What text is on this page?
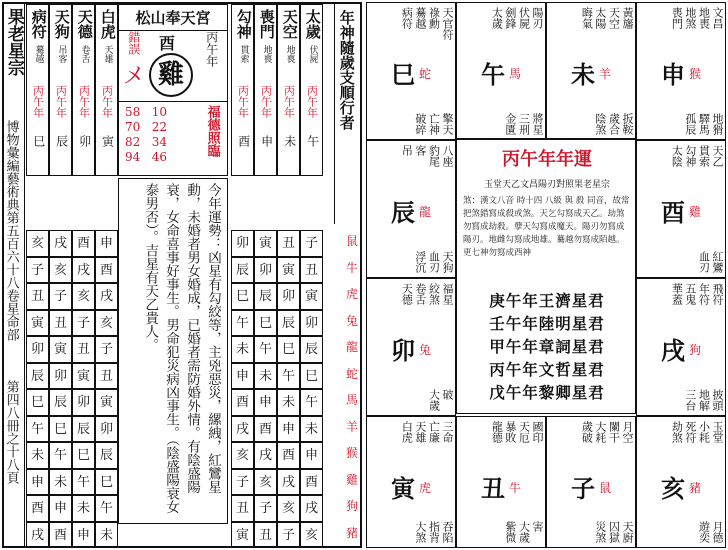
果老星宗
博物彙編藝術典第五百六十八卷星命部
第四八冊之十八頁
年神隨歲支順行者
松山奉天宮
錯誤
メ
酉
雞
丙午年
58 10
70 22
82 34
94 46	福德照臨
今年運勢：凶星有勾絞等，主兇惡災，縲絏，紅鸞星動，未婚者男女婚成，已婚者需防婚外情。有陰盛陽衰，女命喜事好事生。男命犯災病凶事生。（陰盛陽衰女泰男否）。吉星有天乙貴人。
病符
驀越
丙午年
巳
亥
子
丑
寅
卯
辰
巳
午
未
申
酉
戌
天狗
吊客
丙午年
辰
戌
亥
子
丑
寅
卯
辰
巳
午
未
申
酉
天德
卷舌
丙午年
卯
酉
戌
亥
子
丑
寅
卯
辰
巳
午
未
申
白虎
天雄
丙午年
寅
申
酉
戌
亥
子
丑
寅
卯
辰
巳
午
未
勾神
貫索
丙午年
酉
卯
辰
巳
午
未
申
酉
戌
亥
子
丑
寅
喪門
地喪
丙午年
申
寅
卯
辰
巳
午
未
申
酉
戌
亥
子
丑
天空
地喪
丙午年
未
丑
寅
卯
辰
巳
午
未
申
酉
戌
亥
子
太歲
伏屍
丙午年
午
子
丑
寅
卯
辰
巳
午
未
申
酉
戌
亥
鼠
牛
虎
兔
龍
蛇
馬
羊
猴
雞
狗
豬
丙午年年運
玉堂天乙文昌陽刃對照果老星宗
煞：漢文八音 時十四 八級 與 殺 同音，故常把煞錯寫成殺或煞。天乞勾寫成天乙。劫煞勿寫成劫殺。孽天勾寫成魔天。陽刃勿寫成陽刃。地雌勾寫成地雄。驀越勿寫成陌越。更七神勿寫成西神
庚午年王濟星君
壬午年陸明星君
甲午年章詞星君
丙午年文哲星君
戊午年黎卿星君
天官符
祿勳
驀越
病符
擎天
亡神
破碎
巳 蛇
陽刃
伏屍
劍鋒
太歲
將星
三刑
金匱
午 馬
黃旛
天空
太陽
晦氣
扳鞍
歲合
陰煞
未 羊
文昌
地喪
地煞
喪門
地猾
驛馬
孤辰
申 猴
八座
豹尾
客
吊
天狗
血刃
浮沉
辰 龍
天乙
貫索
勾神
太陰
紅鸞
血刃
酉 雞
福星
絞煞
卷舌
天德
破
大歲
卯 兔
飛符
年符
五鬼
華蓋
披頭
地解
三台
戌 狗
三命
亡廉
天雄
白虎
吞陷
指背
大煞
寅 虎
國印
天厄
暴敗
龍德
害
大歲
紫微
丑 牛
月空
闌干
大耗
歲破
天廚
囚獄
災煞
子 鼠
玉堂
小耗
死符
劫煞
月德
遊奕
亥 豬
